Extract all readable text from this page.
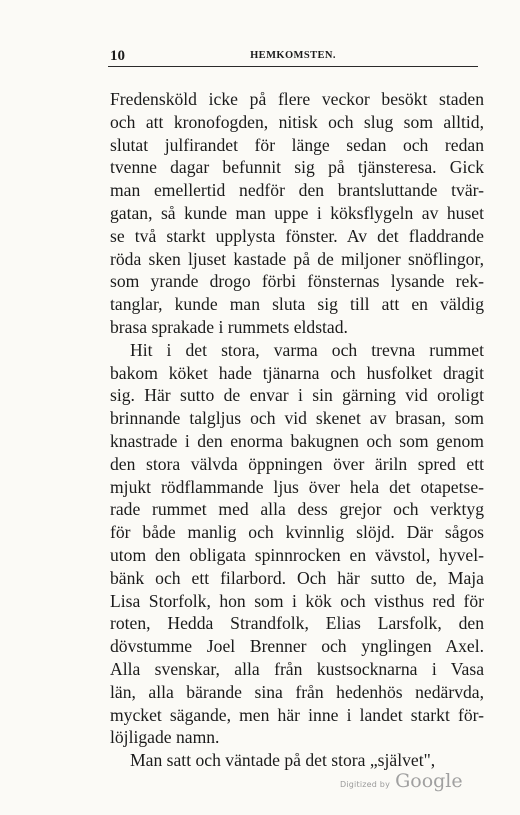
10	HEMKOMSTEN.
Fredensköld icke på flere veckor besökt staden
och att kronofogden, nitisk och slug som alltid,
slutat julfirandet för länge sedan och redan
tvenne dagar befunnit sig på tjänsteresa. Gick
man emellertid nedför den brantsluttande tvär-
gatan, så kunde man uppe i köksflygeln av huset
se två starkt upplysta fönster. Av det fladdrande
röda sken ljuset kastade på de miljoner snöflingor,
som yrande drogo förbi fönsternas lysande rek-
tanglar, kunde man sluta sig till att en väldig
brasa sprakade i rummets eldstad.
Hit i det stora, varma och trevna rummet
bakom köket hade tjänarna och husfolket dragit
sig. Här sutto de envar i sin gärning vid oroligt
brinnande talgljus och vid skenet av brasan, som
knastrade i den enorma bakugnen och som genom
den stora välvda öppningen över äriln spred ett
mjukt rödflammande ljus över hela det otapetse-
rade rummet med alla dess grejor och verktyg
för både manlig och kvinnlig slöjd. Där sågos
utom den obligata spinnrocken en vävstol, hyvel-
bänk och ett filarbord. Och här sutto de, Maja
Lisa Storfolk, hon som i kök och visthus red för
roten, Hedda Strandfolk, Elias Larsfolk, den
dövstumme Joel Brenner och ynglingen Axel.
Alla svenskar, alla från kustsocknarna i Vasa
län, alla bärande sina från hedenhös nedärvda,
mycket sägande, men här inne i landet starkt för-
löjligade namn.
Man satt och väntade på det stora „självet",
Digitized by Google
